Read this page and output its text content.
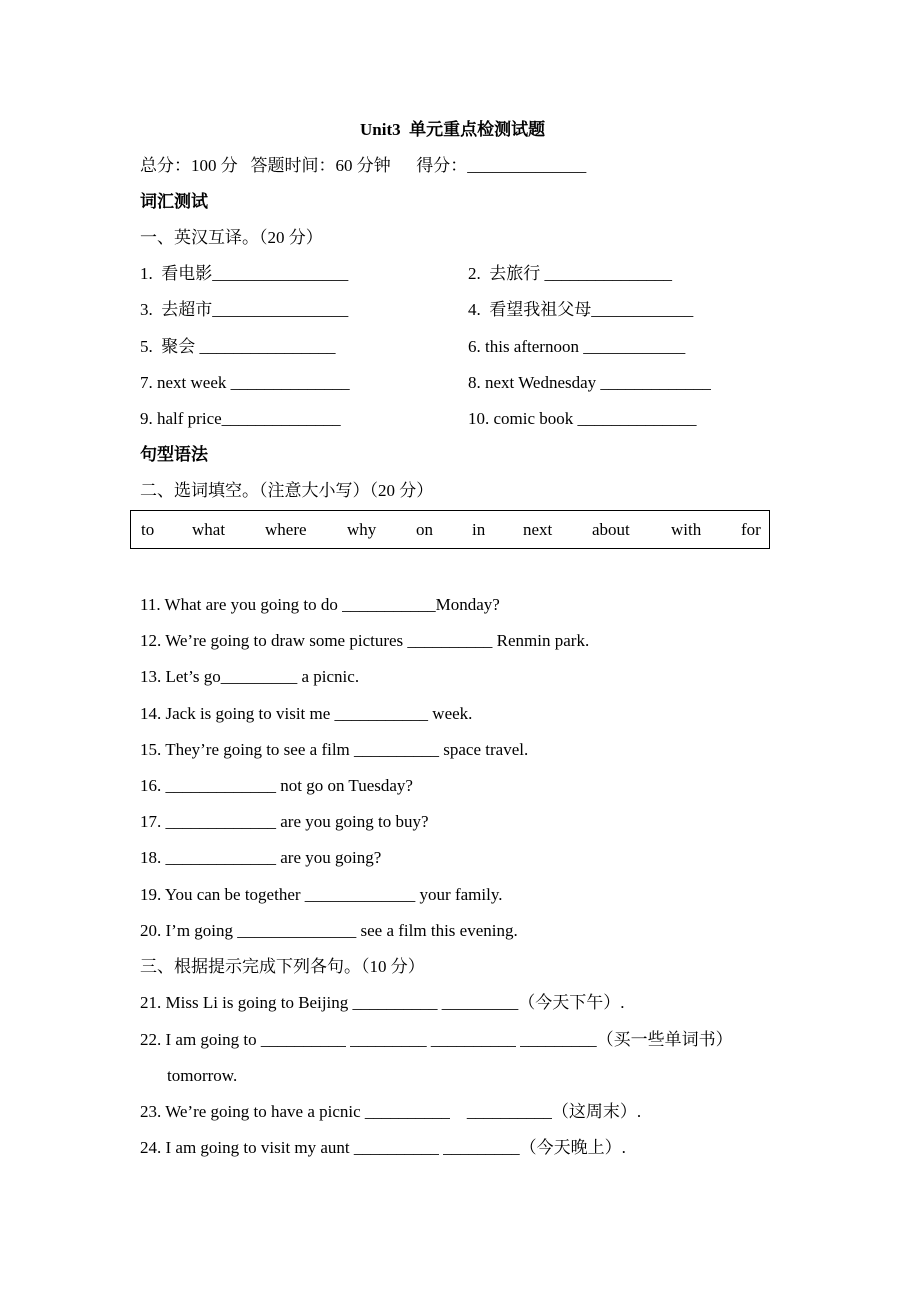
Unit3  单元重点检测试题
总分：100 分   答题时间：60 分钟      得分：______________
词汇测试
一、英汉互译。（20 分）
句型语法
二、选词填空。（注意大小写）（20 分）
to what where why on in next about with for
三、根据提示完成下列各句。（10 分）
1.  看电影________________	2.  去旅行 _______________
3.  去超市________________	4.  看望我祖父母____________
5.  聚会 ________________	6. this afternoon ____________
7. next week ______________	8. next Wednesday _____________
9. half price______________	10. comic book ______________
11. What are you going to do ___________Monday?
12. We’re going to draw some pictures __________ Renmin park.
13. Let’s go_________ a picnic.
14. Jack is going to visit me ___________ week.
15. They’re going to see a film __________ space travel.
16. _____________ not go on Tuesday?
17. _____________ are you going to buy?
18. _____________ are you going?
19. You can be together _____________ your family.
20. I’m going ______________ see a film this evening.
21. Miss Li is going to Beijing __________ _________（今天下午）.
22. I am going to __________ _________ __________ _________（买一些单词书）
tomorrow.
23. We’re going to have a picnic __________    __________（这周末）.
24. I am going to visit my aunt __________ _________（今天晚上）.
